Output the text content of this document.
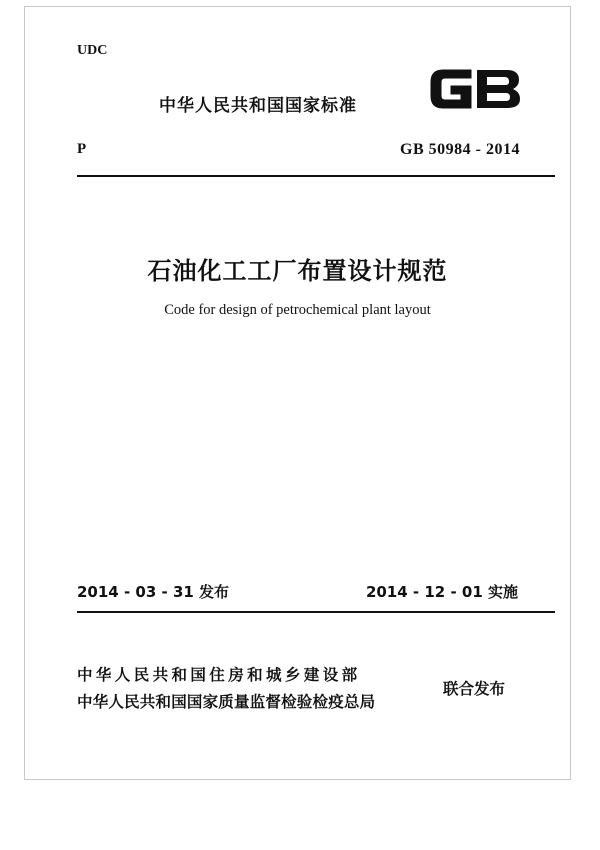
UDC
中华人民共和国国家标准
GB
P	GB 50984 - 2014
石油化工工厂布置设计规范
Code for design of petrochemical plant layout
2014 - 03 - 31 发布	2014 - 12 - 01 实施
中华人民共和国住房和城乡建设部
中华人民共和国国家质量监督检验检疫总局
联合发布
